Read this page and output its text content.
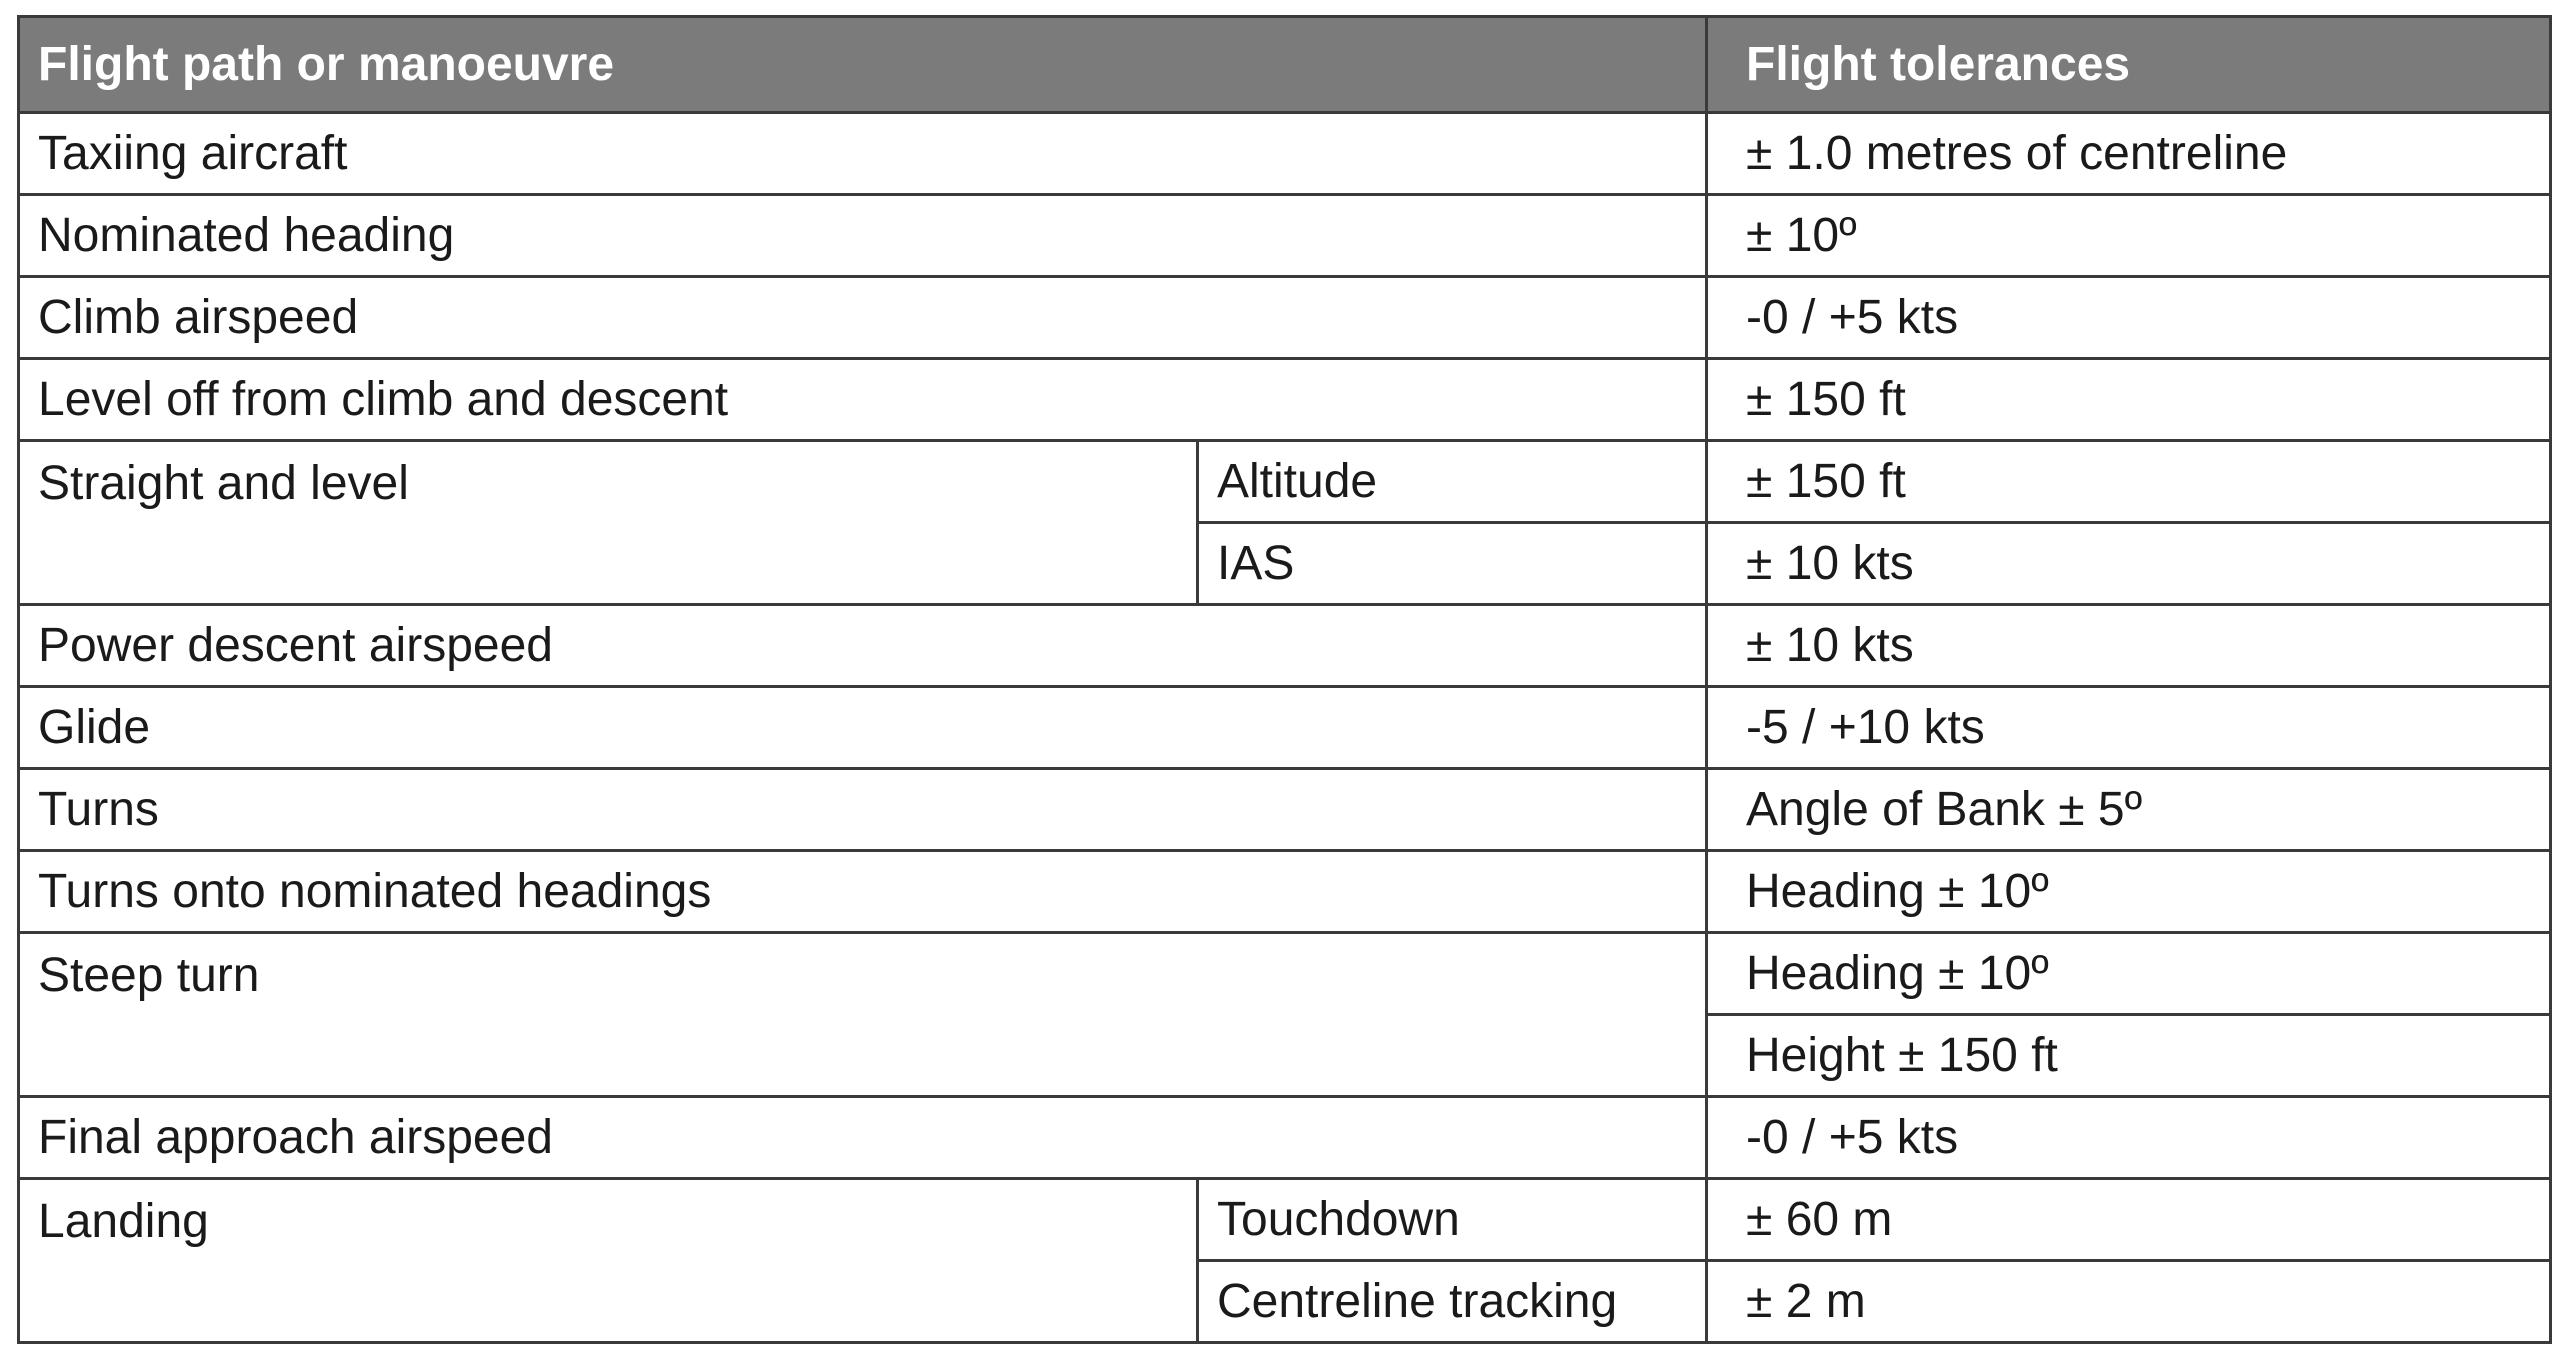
Flight path or manoeuvre		Flight tolerances
Taxiing aircraft		± 1.0 metres of centreline
Nominated heading		± 10º
Climb airspeed		-0 / +5 kts
Level off from climb and descent		± 150 ft
Straight and level	Altitude	± 150 ft
	IAS	± 10 kts
Power descent airspeed		± 10 kts
Glide		-5 / +10 kts
Turns		Angle of Bank ± 5º
Turns onto nominated headings		Heading ± 10º
Steep turn		Heading ± 10º
		Height ± 150 ft
Final approach airspeed		-0 / +5 kts
Landing	Touchdown	± 60 m
	Centreline tracking	± 2 m
